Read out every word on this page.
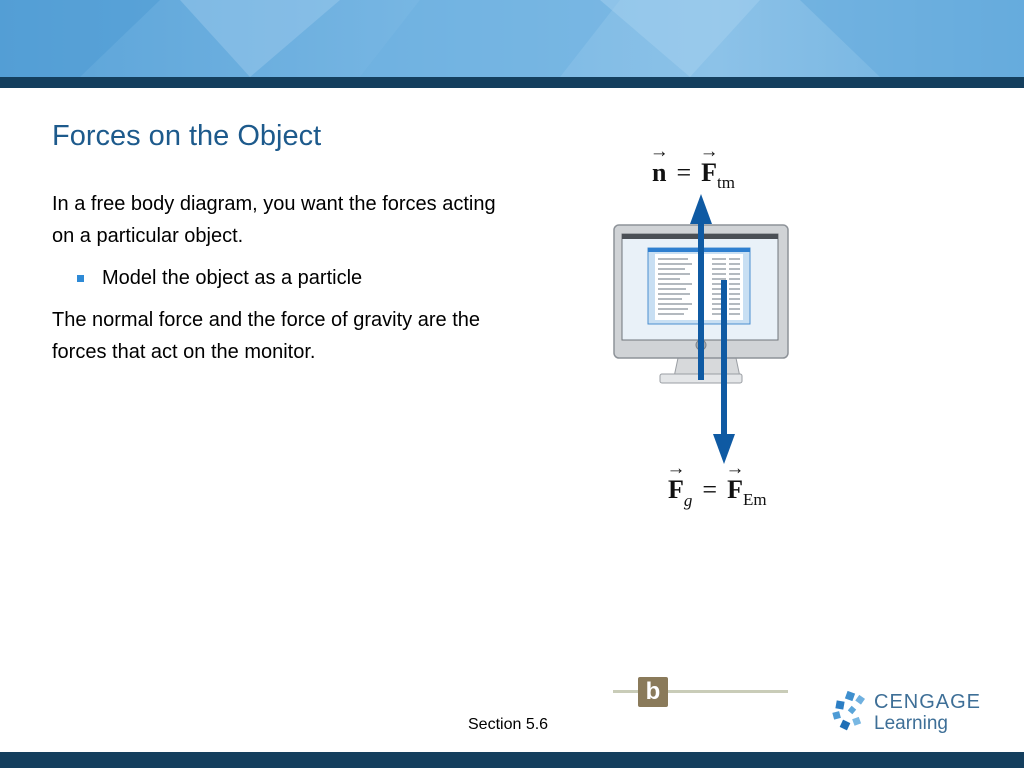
Forces on the Object

In a free body diagram, you want the forces acting on a particular object.

Model the object as a particle

The normal force and the force of gravity are the forces that act on the monitor.

→ $n =\to F_{tm}$
→ $F_g =\to F_{Em}$
b
Section 5.6
CENGAGE
Learning
